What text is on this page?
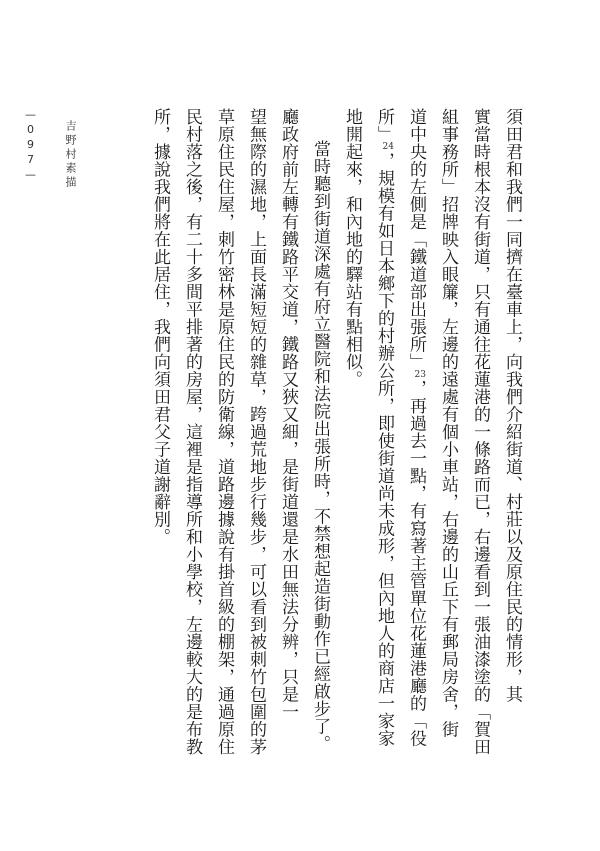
須田君和我們一同擠在臺車上，向我們介紹街道、村莊以及原住民的情形，其
實當時根本沒有街道，只有通往花蓮港的一條路而已，右邊看到一張油漆塗的「賀田
組事務所」招牌映入眼簾，左邊的遠處有個小車站，右邊的山丘下有郵局房舍，街
道中央的左側是「鐵道部出張所」23，再過去一點，有寫著主管單位花蓮港廳的「役
所」24，規模有如日本鄉下的村辦公所，即使街道尚未成形，但內地人的商店一家家
地開起來，和內地的驛站有點相似。
當時聽到街道深處有府立醫院和法院出張所時，不禁想起造街動作已經啟步了。
廳政府前左轉有鐵路平交道，鐵路又狹又細，是街道還是水田無法分辨，只是一
望無際的濕地，上面長滿短短的雜草，跨過荒地步行幾步，可以看到被刺竹包圍的茅
草原住民住屋，刺竹密林是原住民的防衛線，道路邊據說有掛首級的棚架，通過原住
民村落之後，有二十多間平排著的房屋，這裡是指導所和小學校，左邊較大的是布教
所，據說我們將在此居住，我們向須田君父子道謝辭別。
吉野村素描
—097—
